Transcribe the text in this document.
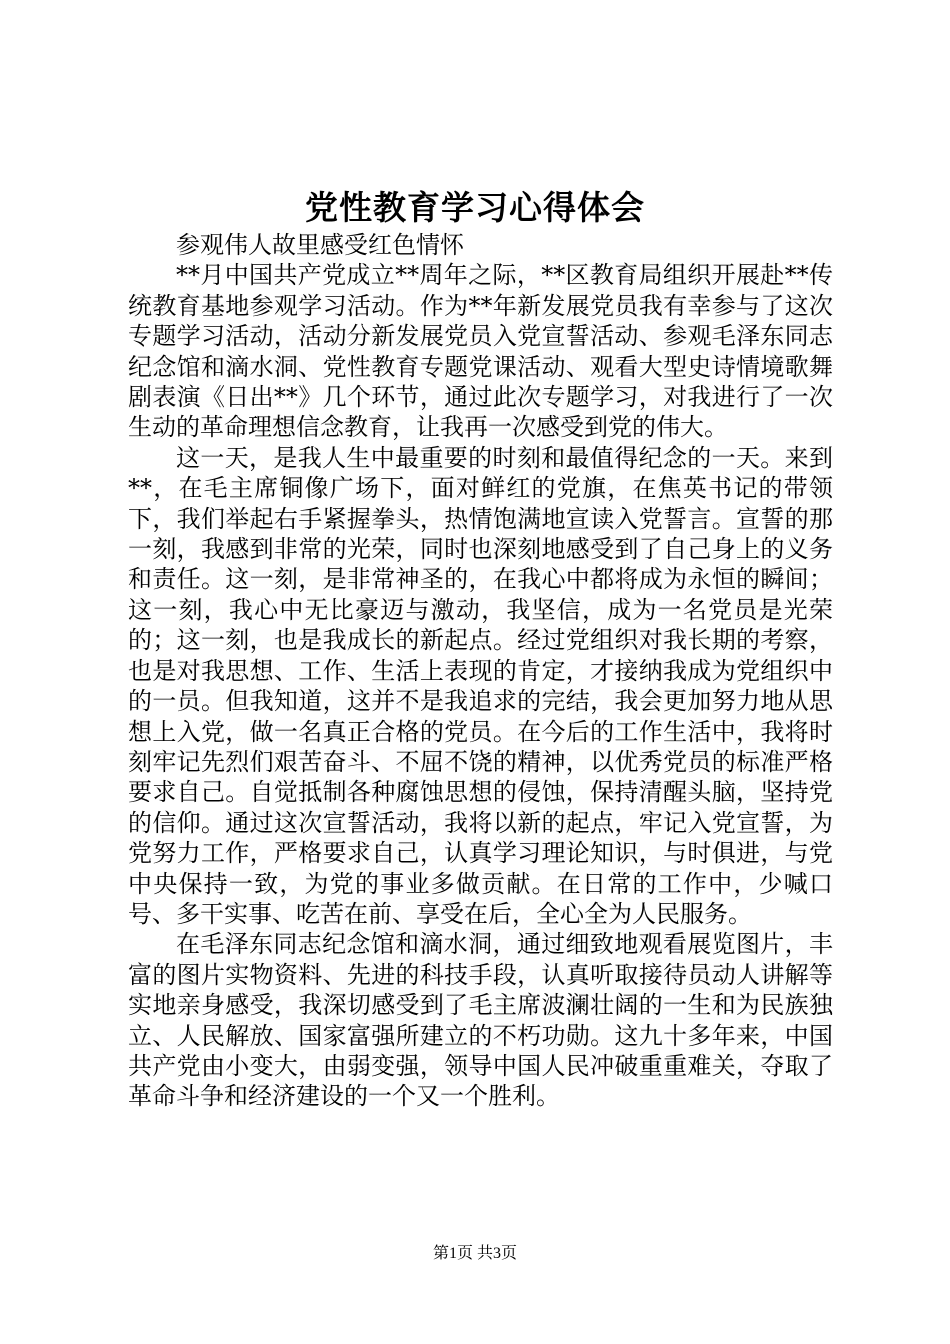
党性教育学习心得体会

参观伟人故里感受红色情怀

**月中国共产党成立**周年之际，**区教育局组织开展赴**传统教育基地参观学习活动。作为**年新发展党员我有幸参与了这次专题学习活动，活动分新发展党员入党宣誓活动、参观毛泽东同志纪念馆和滴水洞、党性教育专题党课活动、观看大型史诗情境歌舞剧表演《日出**》几个环节，通过此次专题学习，对我进行了一次生动的革命理想信念教育，让我再一次感受到党的伟大。

这一天，是我人生中最重要的时刻和最值得纪念的一天。来到**，在毛主席铜像广场下，面对鲜红的党旗，在焦英书记的带领下，我们举起右手紧握拳头，热情饱满地宣读入党誓言。宣誓的那一刻，我感到非常的光荣，同时也深刻地感受到了自己身上的义务和责任。这一刻，是非常神圣的，在我心中都将成为永恒的瞬间；这一刻，我心中无比豪迈与激动，我坚信，成为一名党员是光荣的；这一刻，也是我成长的新起点。经过党组织对我长期的考察，也是对我思想、工作、生活上表现的肯定，才接纳我成为党组织中的一员。但我知道，这并不是我追求的完结，我会更加努力地从思想上入党，做一名真正合格的党员。在今后的工作生活中，我将时刻牢记先烈们艰苦奋斗、不屈不饶的精神，以优秀党员的标准严格要求自己。自觉抵制各种腐蚀思想的侵蚀，保持清醒头脑，坚持党的信仰。通过这次宣誓活动，我将以新的起点，牢记入党宣誓，为党努力工作，严格要求自己，认真学习理论知识，与时俱进，与党中央保持一致，为党的事业多做贡献。在日常的工作中，少喊口号、多干实事、吃苦在前、享受在后，全心全为人民服务。

在毛泽东同志纪念馆和滴水洞，通过细致地观看展览图片，丰富的图片实物资料、先进的科技手段，认真听取接待员动人讲解等实地亲身感受，我深切感受到了毛主席波澜壮阔的一生和为民族独立、人民解放、国家富强所建立的不朽功勋。这九十多年来，中国共产党由小变大，由弱变强，领导中国人民冲破重重难关，夺取了革命斗争和经济建设的一个又一个胜利。

第1页 共3页
